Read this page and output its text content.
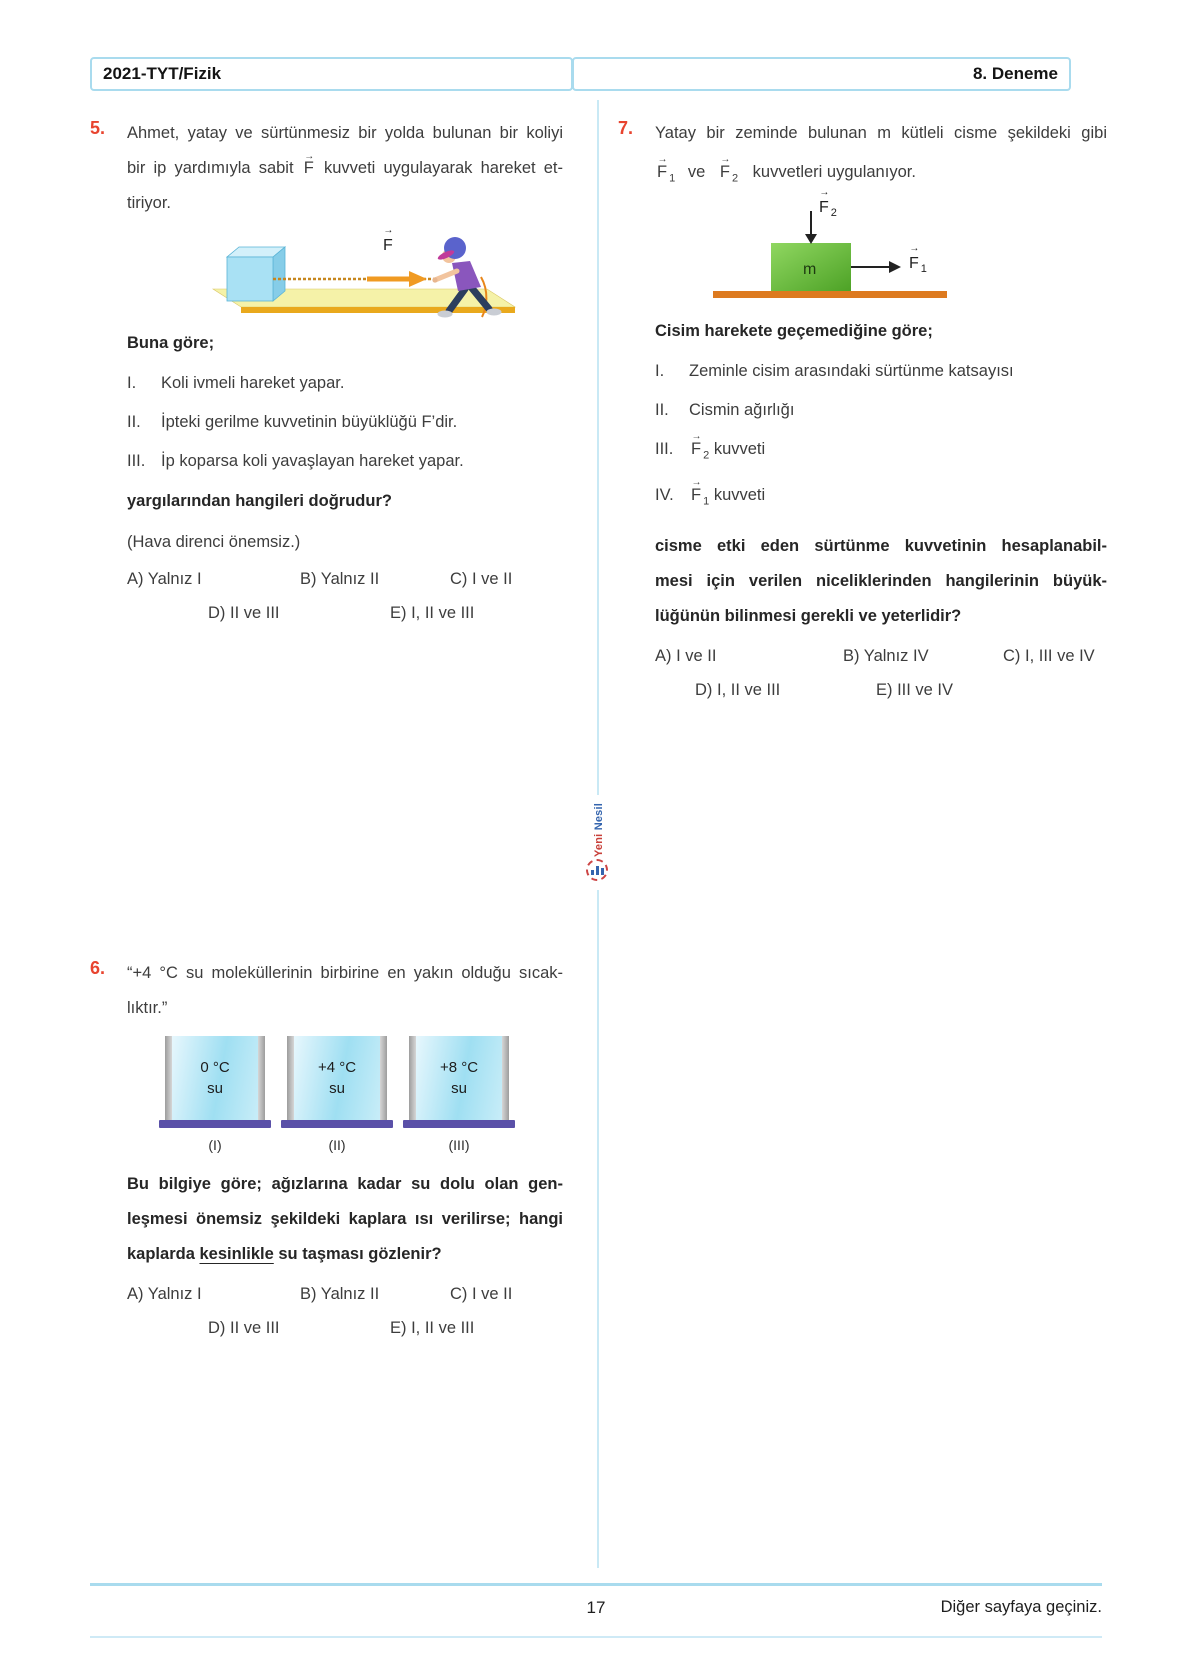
2021-TYT/Fizik	8. Deneme
Yeni Nesil
5. Ahmet, yatay ve sürtünmesiz bir yolda bulunan bir koliyi
bir ip yardımıyla sabit → F kuvveti uygulayarak hareket et-
tiriyor.
→ F

Buna göre;

I.	Koli ivmeli hareket yapar.
II.	İpteki gerilme kuvvetinin büyüklüğü F’dir.
III. İp koparsa koli yavaşlayan hareket yapar.

yargılarından hangileri doğrudur?

(Hava direnci önemsiz.)

A) Yalnız I	B) Yalnız II	C) I ve II
D) II ve III	E) I, II ve III
6. “+4 °C su moleküllerinin birbirine en yakın olduğu sıcak-
lıktır.”
0 °C
su
(I)
+4 °C
su
(II)
+8 °C
su
(III)
Bu bilgiye göre; ağızlarına kadar su dolu olan gen-
leşmesi önemsiz şekildeki kaplara ısı verilirse; hangi
kaplarda kesinlikle su taşması gözlenir?
A) Yalnız I	B) Yalnız II	C) I ve II
D) II ve III	E) I, II ve III
7. Yatay bir zeminde bulunan m kütleli cisme şekildeki gibi
→ F $_1$ ve → F $_2$ kuvvetleri uygulanıyor.
→ F $_2$
→ F $_1$
m

Cisim harekete geçemediğine göre;

I.	Zeminle cisim arasındaki sürtünme katsayısı
II.	Cismin ağırlığı
III.	→ F $_2$ kuvveti
IV.	→ F $_1$ kuvveti
cisme etki eden sürtünme kuvvetinin hesaplanabil-
mesi için verilen niceliklerinden hangilerinin büyük-
lüğünün bilinmesi gerekli ve yeterlidir?
A) I ve II	B) Yalnız IV	C) I, III ve IV
D) I, II ve III	E) III ve IV
17	Diğer sayfaya geçiniz.
